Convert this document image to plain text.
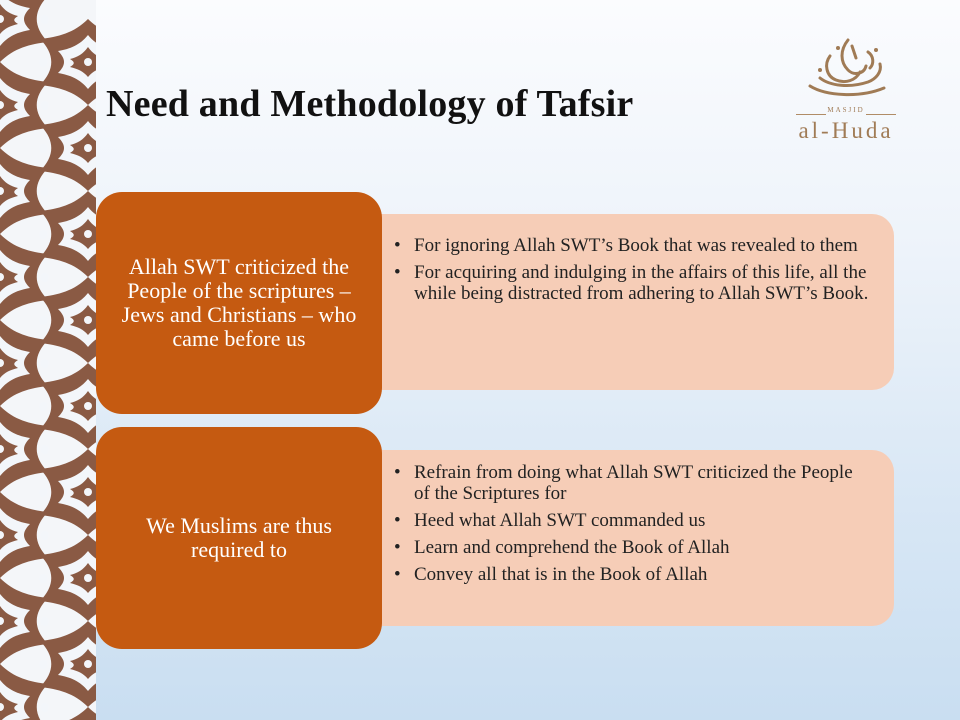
Need and Methodology of Tafsir	MASJID
al-Huda
• For ignoring Allah SWT’s Book that was revealed to them
• For acquiring and indulging in the affairs of this life, all the while being distracted from adhering to Allah SWT’s Book.
Allah SWT criticized the People of the scriptures – Jews and Christians – who came before us
• Refrain from doing what Allah SWT criticized the People of the Scriptures for
• Heed what Allah SWT commanded us
• Learn and comprehend the Book of Allah
• Convey all that is in the Book of Allah
We Muslims are thus required to
